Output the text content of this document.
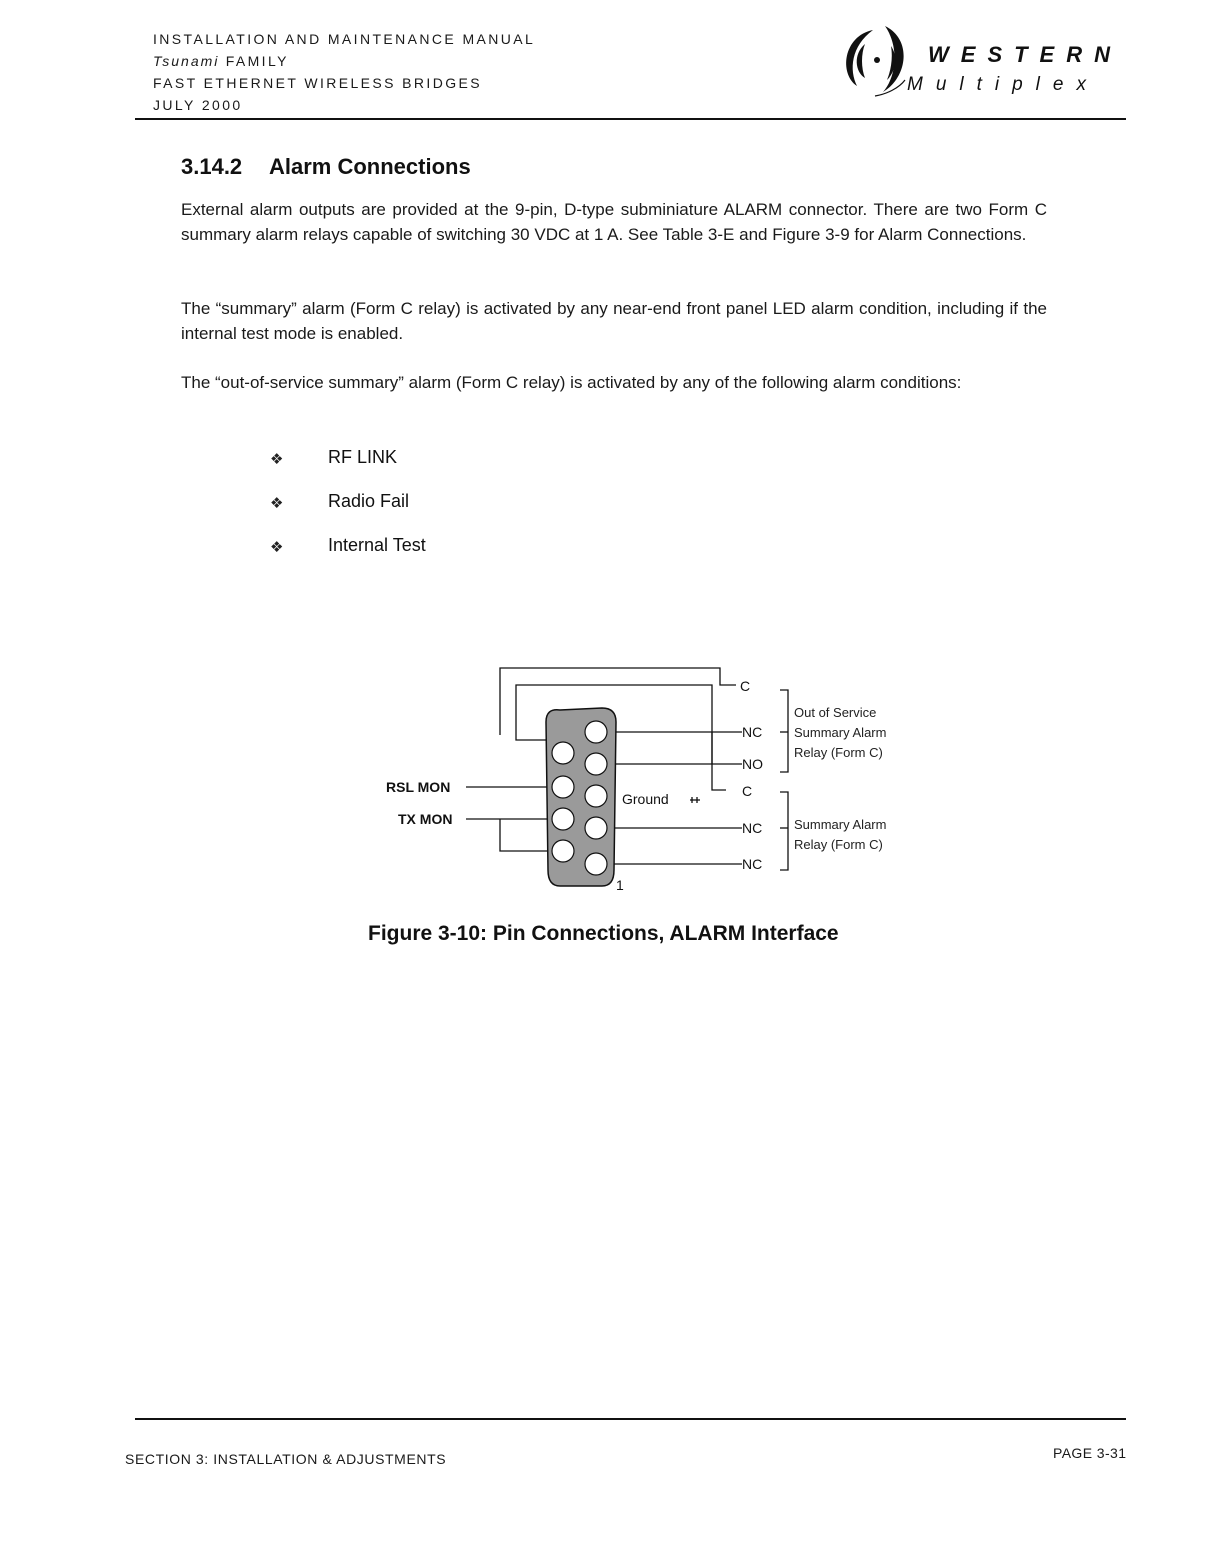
INSTALLATION AND MAINTENANCE MANUAL
Tsunami FAMILY
FAST ETHERNET WIRELESS BRIDGES
JULY 2000
WESTERN
Multiplex
3.14.2 Alarm Connections
External alarm outputs are provided at the 9-pin, D-type subminiature ALARM connector. There are two Form C summary alarm relays capable of switching 30 VDC at 1 A. See Table 3-E and Figure 3-9 for Alarm Connections.
The “summary” alarm (Form C relay) is activated by any near-end front panel LED alarm condition, including if the internal test mode is enabled.
The “out-of-service summary” alarm (Form C relay) is activated by any of the following alarm conditions:
❖	RF LINK
❖	Radio Fail
❖	Internal Test
RSL MON
TX MON
C
NC
NO
C
NC
NC
Ground
1
Out of Service
Summary Alarm
Relay (Form C)
Summary Alarm
Relay (Form C)
Figure 3-10: Pin Connections, ALARM Interface
SECTION 3: INSTALLATION & ADJUSTMENTS	PAGE 3-31
